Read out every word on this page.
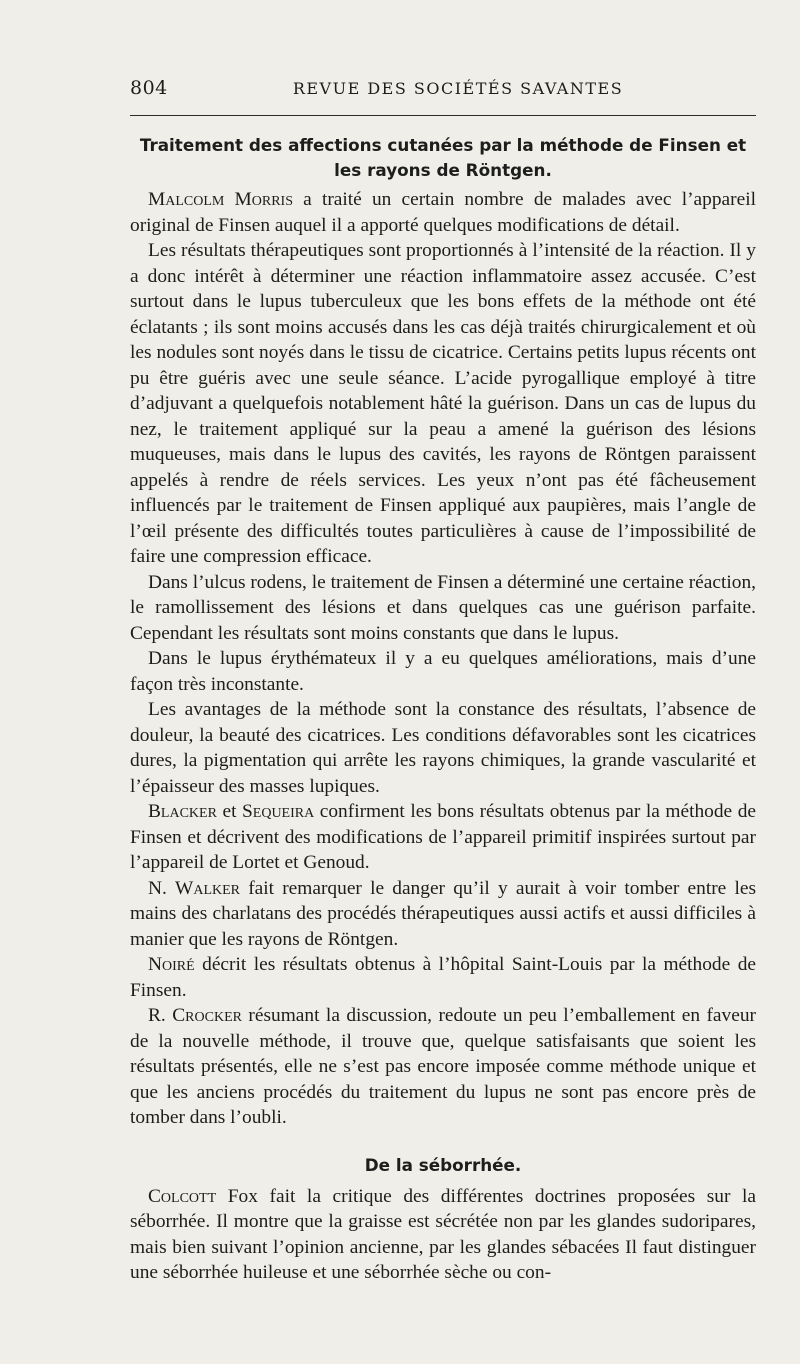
804	REVUE DES SOCIÉTÉS SAVANTES
Traitement des affections cutanées par la méthode de Finsen et les rayons de Röntgen.

Malcolm Morris a traité un certain nombre de malades avec l’appareil original de Finsen auquel il a apporté quelques modifications de détail.

Les résultats thérapeutiques sont proportionnés à l’intensité de la réaction. Il y a donc intérêt à déterminer une réaction inflammatoire assez accusée. C’est surtout dans le lupus tuberculeux que les bons effets de la méthode ont été éclatants ; ils sont moins accusés dans les cas déjà traités chirurgicalement et où les nodules sont noyés dans le tissu de cicatrice. Certains petits lupus récents ont pu être guéris avec une seule séance. L’acide pyrogallique employé à titre d’adjuvant a quelquefois notablement hâté la guérison. Dans un cas de lupus du nez, le traitement appliqué sur la peau a amené la guérison des lésions muqueuses, mais dans le lupus des cavités, les rayons de Röntgen paraissent appelés à rendre de réels services. Les yeux n’ont pas été fâcheusement influencés par le traitement de Finsen appliqué aux paupières, mais l’angle de l’œil présente des difficultés toutes particulières à cause de l’impossibilité de faire une compression efficace.

Dans l’ulcus rodens, le traitement de Finsen a déterminé une certaine réaction, le ramollissement des lésions et dans quelques cas une guérison parfaite. Cependant les résultats sont moins constants que dans le lupus.

Dans le lupus érythémateux il y a eu quelques améliorations, mais d’une façon très inconstante.

Les avantages de la méthode sont la constance des résultats, l’absence de douleur, la beauté des cicatrices. Les conditions défavorables sont les cicatrices dures, la pigmentation qui arrête les rayons chimiques, la grande vascularité et l’épaisseur des masses lupiques.

Blacker et Sequeira confirment les bons résultats obtenus par la méthode de Finsen et décrivent des modifications de l’appareil primitif inspirées surtout par l’appareil de Lortet et Genoud.

N. Walker fait remarquer le danger qu’il y aurait à voir tomber entre les mains des charlatans des procédés thérapeutiques aussi actifs et aussi difficiles à manier que les rayons de Röntgen.

Noiré décrit les résultats obtenus à l’hôpital Saint-Louis par la méthode de Finsen.

R. Crocker résumant la discussion, redoute un peu l’emballement en faveur de la nouvelle méthode, il trouve que, quelque satisfaisants que soient les résultats présentés, elle ne s’est pas encore imposée comme méthode unique et que les anciens procédés du traitement du lupus ne sont pas encore près de tomber dans l’oubli.

De la séborrhée.

Colcott Fox fait la critique des différentes doctrines proposées sur la séborrhée. Il montre que la graisse est sécrétée non par les glandes sudoripares, mais bien suivant l’opinion ancienne, par les glandes sébacées Il faut distinguer une séborrhée huileuse et une séborrhée sèche ou con-
